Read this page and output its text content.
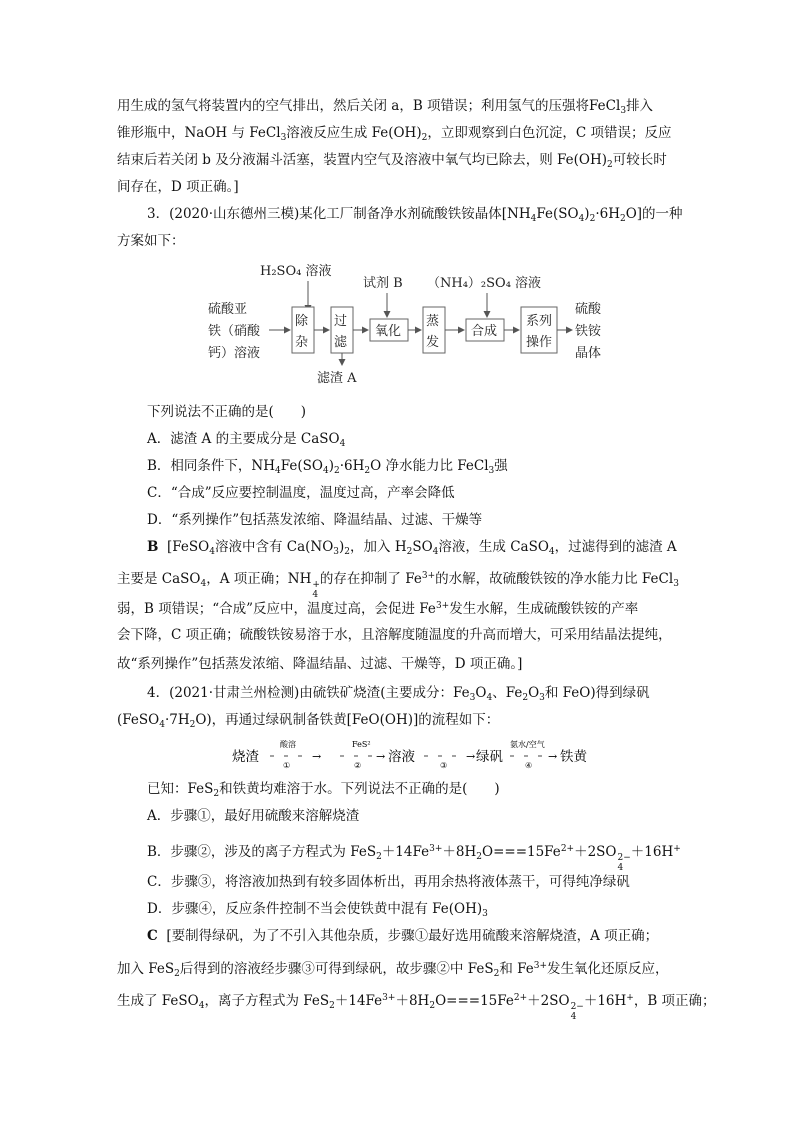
用生成的氢气将装置内的空气排出，然后关闭 a，B 项错误；利用氢气的压强将FeCl$_3$排入
锥形瓶中，NaOH 与 FeCl$_3$溶液反应生成 $Fe(OH)_2$，立即观察到白色沉淀，C 项错误；反应
结束后若关闭 b 及分液漏斗活塞，装置内空气及溶液中氧气均已除去，则 $Fe(OH)_2$可较长时
间存在，D 项正确。]
3．(2020·山东德州三模)某化工厂制备净水剂硫酸铁铵晶体$[NH_4Fe(SO_4)_2\cdot 6H_2O]$的一种
方案如下：
H₂SO₄ 溶液
试剂 B （NH₄）₂SO₄ 溶液
硫酸亚
铁（硝酸
钙）溶液
除
杂
过
滤
滤渣 A
氧化
蒸
发
合成
系列
操作
硫酸
铁铵
晶体
下列说法不正确的是(　　)
A．滤渣 A 的主要成分是 CaSO$_4$
B．相同条件下，$NH_4Fe(SO_4)_2\cdot 6H_2O$ 净水能力比 FeCl$_3$强
C．“合成”反应要控制温度，温度过高，产率会降低
D．“系列操作”包括蒸发浓缩、降温结晶、过滤、干燥等
B [FeSO$_4$溶液中含有 $Ca(NO_3)_2$，加入 $H_2SO_4$溶液，生成 CaSO$_4$，过滤得到的滤渣 A
主要是 CaSO$_4$，A 项正确；NH +
4
的存在抑制了 $Fe^{3+}$的水解，故硫酸铁铵的净水能力比 FeCl$_3$
弱，B 项错误；“合成”反应中，温度过高，会促进 $Fe^{3+}$发生水解，生成硫酸铁铵的产率
会下降，C 项正确；硫酸铁铵易溶于水，且溶解度随温度的升高而增大，可采用结晶法提纯，
故“系列操作”包括蒸发浓缩、降温结晶、过滤、干燥等，D 项正确。]
4．(2021·甘肃兰州检测)由硫铁矿烧渣(主要成分：$Fe_3O_4$、$Fe_2O_3$和 FeO)得到绿矾
$(FeSO_4\cdot 7H_2O)$，再通过绿矾制备铁黄[FeO(OH)]的流程如下：
烧渣
酸溶
①
→
FeS²
②
→ 溶液
③
→ 绿矾
氨水/空气
④
→ 铁黄
已知：FeS$_2$和铁黄均难溶于水。下列说法不正确的是(　　)
A．步骤①，最好用硫酸来溶解烧渣
B．步骤②，涉及的离子方程式为 $FeS_2+14Fe^{3+}+8H_2O===15Fe^{2+}+2SO$ 2−
4
＋16H+
C．步骤③，将溶液加热到有较多固体析出，再用余热将液体蒸干，可得纯净绿矾
D．步骤④，反应条件控制不当会使铁黄中混有 $Fe(OH)_3$
C [要制得绿矾，为了不引入其他杂质，步骤①最好选用硫酸来溶解烧渣，A 项正确；
加入 FeS$_2$后得到的溶液经步骤③可得到绿矾，故步骤②中 FeS$_2$和 $Fe^{3+}$发生氧化还原反应，
生成了 FeSO$_4$，离子方程式为 $FeS_2+14Fe^{3+}+8H_2O===15Fe^{2+}+2SO$ 2−
4
＋16H+，B 项正确；
